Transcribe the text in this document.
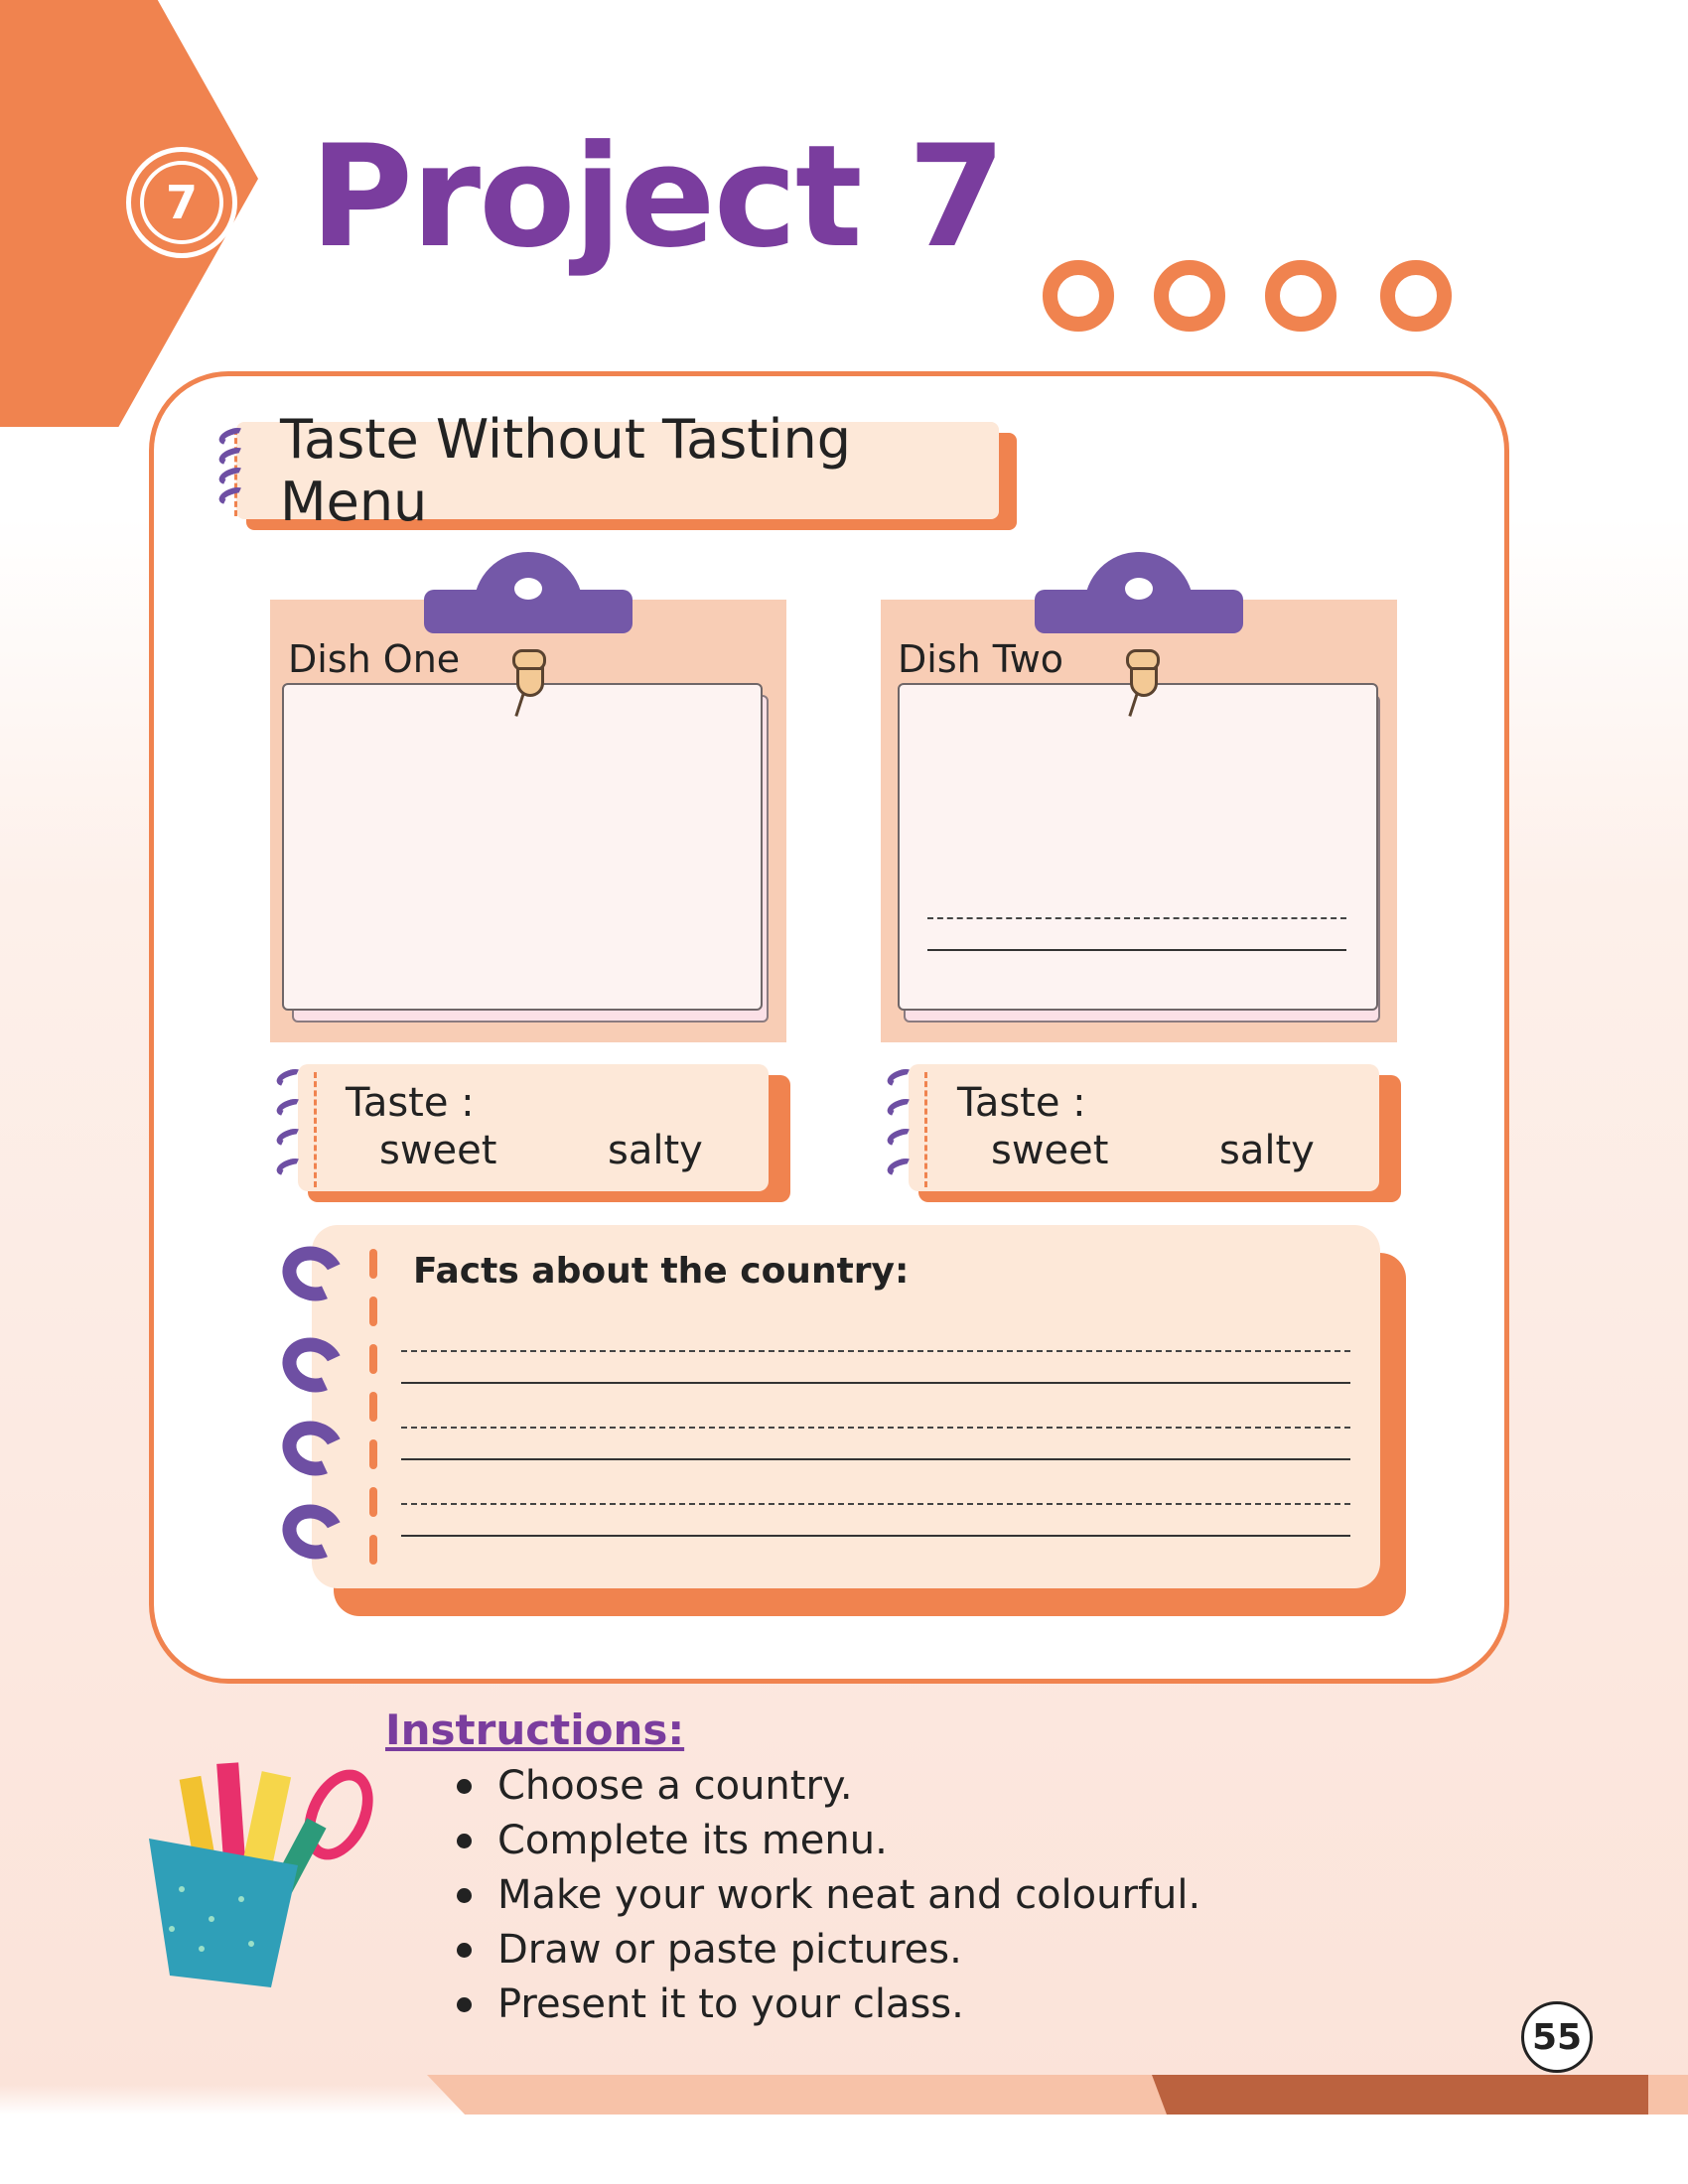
7 Project 7
Taste Without Tasting Menu
Dish One	Dish Two
Taste :
sweet	salty
Taste :
sweet	salty
Facts about the country:
Instructions:
Choose a country.
Complete its menu.
Make your work neat and colourful.
Draw or paste pictures.
Present it to your class.
55
